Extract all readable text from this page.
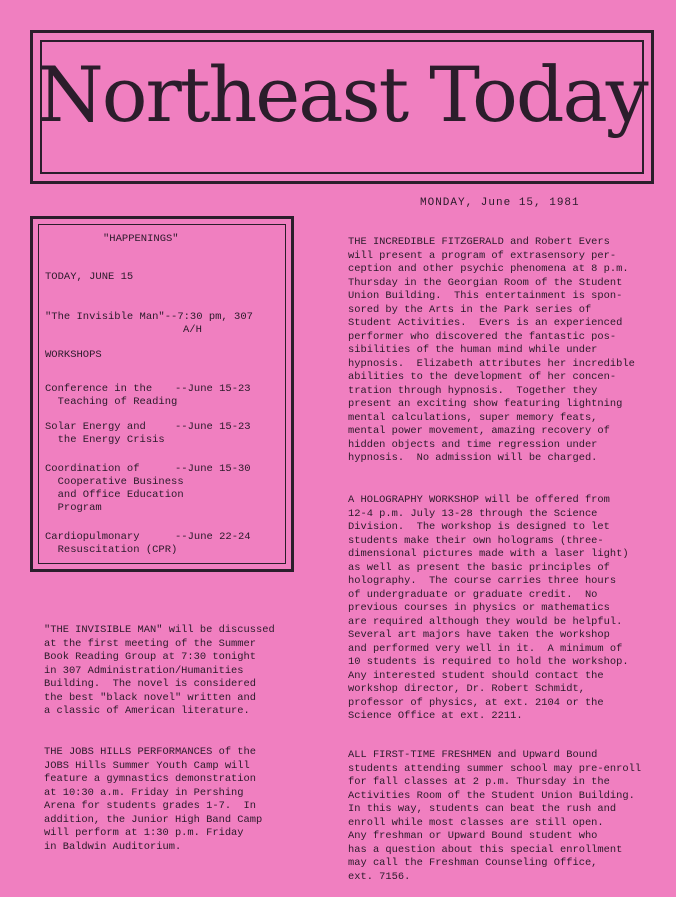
Northeast Today
MONDAY, June 15, 1981
"HAPPENINGS"
TODAY, JUNE 15
"The Invisible Man"--7:30 pm, 307
A/H
WORKSHOPS
Conference in the
Teaching of Reading
--June 15-23
Solar Energy and
the Energy Crisis
--June 15-23
Coordination of
Cooperative Business
and Office Education
Program
--June 15-30
Cardiopulmonary
Resuscitation (CPR)
--June 22-24
"THE INVISIBLE MAN" will be discussed
at the first meeting of the Summer
Book Reading Group at 7:30 tonight
in 307 Administration/Humanities
Building.  The novel is considered
the best "black novel" written and
a classic of American literature.
THE JOBS HILLS PERFORMANCES of the
JOBS Hills Summer Youth Camp will
feature a gymnastics demonstration
at 10:30 a.m. Friday in Pershing
Arena for students grades 1-7.  In
addition, the Junior High Band Camp
will perform at 1:30 p.m. Friday
in Baldwin Auditorium.
THE INCREDIBLE FITZGERALD and Robert Evers
will present a program of extrasensory per-
ception and other psychic phenomena at 8 p.m.
Thursday in the Georgian Room of the Student
Union Building.  This entertainment is spon-
sored by the Arts in the Park series of
Student Activities.  Evers is an experienced
performer who discovered the fantastic pos-
sibilities of the human mind while under
hypnosis.  Elizabeth attributes her incredible
abilities to the development of her concen-
tration through hypnosis.  Together they
present an exciting show featuring lightning
mental calculations, super memory feats,
mental power movement, amazing recovery of
hidden objects and time regression under
hypnosis.  No admission will be charged.
A HOLOGRAPHY WORKSHOP will be offered from
12-4 p.m. July 13-28 through the Science
Division.  The workshop is designed to let
students make their own holograms (three-
dimensional pictures made with a laser light)
as well as present the basic principles of
holography.  The course carries three hours
of undergraduate or graduate credit.  No
previous courses in physics or mathematics
are required although they would be helpful.
Several art majors have taken the workshop
and performed very well in it.  A minimum of
10 students is required to hold the workshop.
Any interested student should contact the
workshop director, Dr. Robert Schmidt,
professor of physics, at ext. 2104 or the
Science Office at ext. 2211.
ALL FIRST-TIME FRESHMEN and Upward Bound
students attending summer school may pre-enroll
for fall classes at 2 p.m. Thursday in the
Activities Room of the Student Union Building.
In this way, students can beat the rush and
enroll while most classes are still open.
Any freshman or Upward Bound student who
has a question about this special enrollment
may call the Freshman Counseling Office,
ext. 7156.
